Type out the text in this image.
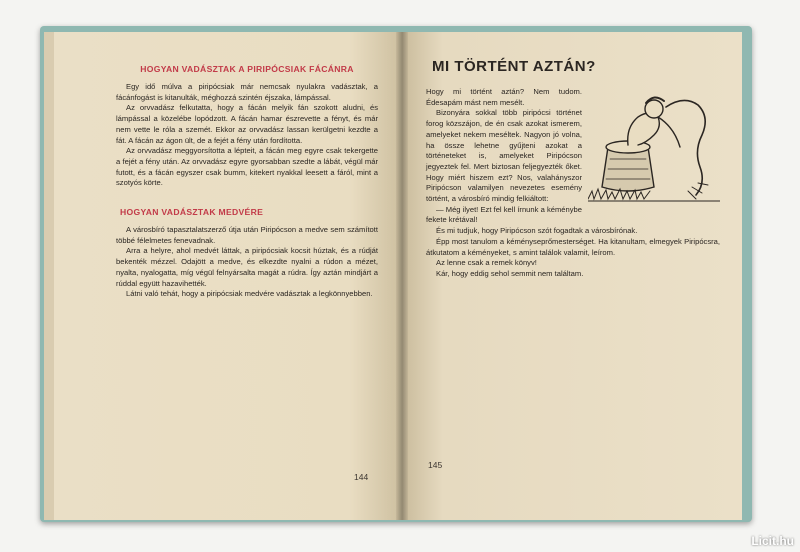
HOGYAN VADÁSZTAK A PIRIPÓCSIAK FÁCÁNRA

Egy idő múlva a piripócsiak már nemcsak nyulakra vadásztak, a fácánfogást is kitanulták, méghozzá szintén éjszaka, lámpással.

Az orvvadász felkutatta, hogy a fácán melyik fán szokott aludni, és lámpással a közelébe lopódzott. A fácán hamar észrevette a fényt, és már nem vette le róla a szemét. Ekkor az orvvadász lassan kerülgetni kezdte a fát. A fácán az ágon ült, de a fejét a fény után fordította.

Az orvvadász meggyorsította a lépteit, a fácán meg egyre csak tekergette a fejét a fény után. Az orvvadász egyre gyorsabban szedte a lábát, végül már futott, és a fácán egyszer csak bumm, kitekert nyakkal leesett a fáról, mint a szotyós körte.

HOGYAN VADÁSZTAK MEDVÉRE

A városbíró tapasztalatszerző útja után Piripócson a medve sem számított többé félelmetes fenevadnak.

Arra a helyre, ahol medvét láttak, a piripócsiak kocsit húztak, és a rúdját bekenték mézzel. Odajött a medve, és elkezdte nyalni a rúdon a mézet, nyalta, nyalogatta, míg végül felnyársalta magát a rúdra. Így aztán mindjárt a rúddal együtt hazavihették.

Látni való tehát, hogy a piripócsiak medvére vadásztak a legkönnyebben.

144
MI TÖRTÉNT AZTÁN?

Hogy mi történt aztán? Nem tudom. Édesapám mást nem mesélt.

Bizonyára sokkal több piripócsi történet forog közszájon, de én csak azokat ismerem, amelyeket nekem meséltek. Nagyon jó volna, ha össze lehetne gyűjteni azokat a történeteket is, amelyeket Piripócson jegyeztek fel. Mert biztosan feljegyezték őket. Hogy miért hiszem ezt? Nos, valahányszor Piripócson valamilyen nevezetes esemény történt, a városbíró mindig felkiáltott:

— Még ilyet! Ezt fel kell írnunk a kéménybe fekete krétával!

És mi tudjuk, hogy Piripócson szót fogadtak a városbírónak.

Épp most tanulom a kéményseprőmesterséget. Ha kitanultam, elmegyek Piripócsra, átkutatom a kéményeket, s amint találok valamit, leírom.

Az lenne csak a remek könyv!

Kár, hogy eddig sehol semmit nem találtam.

145
Licit.hu
